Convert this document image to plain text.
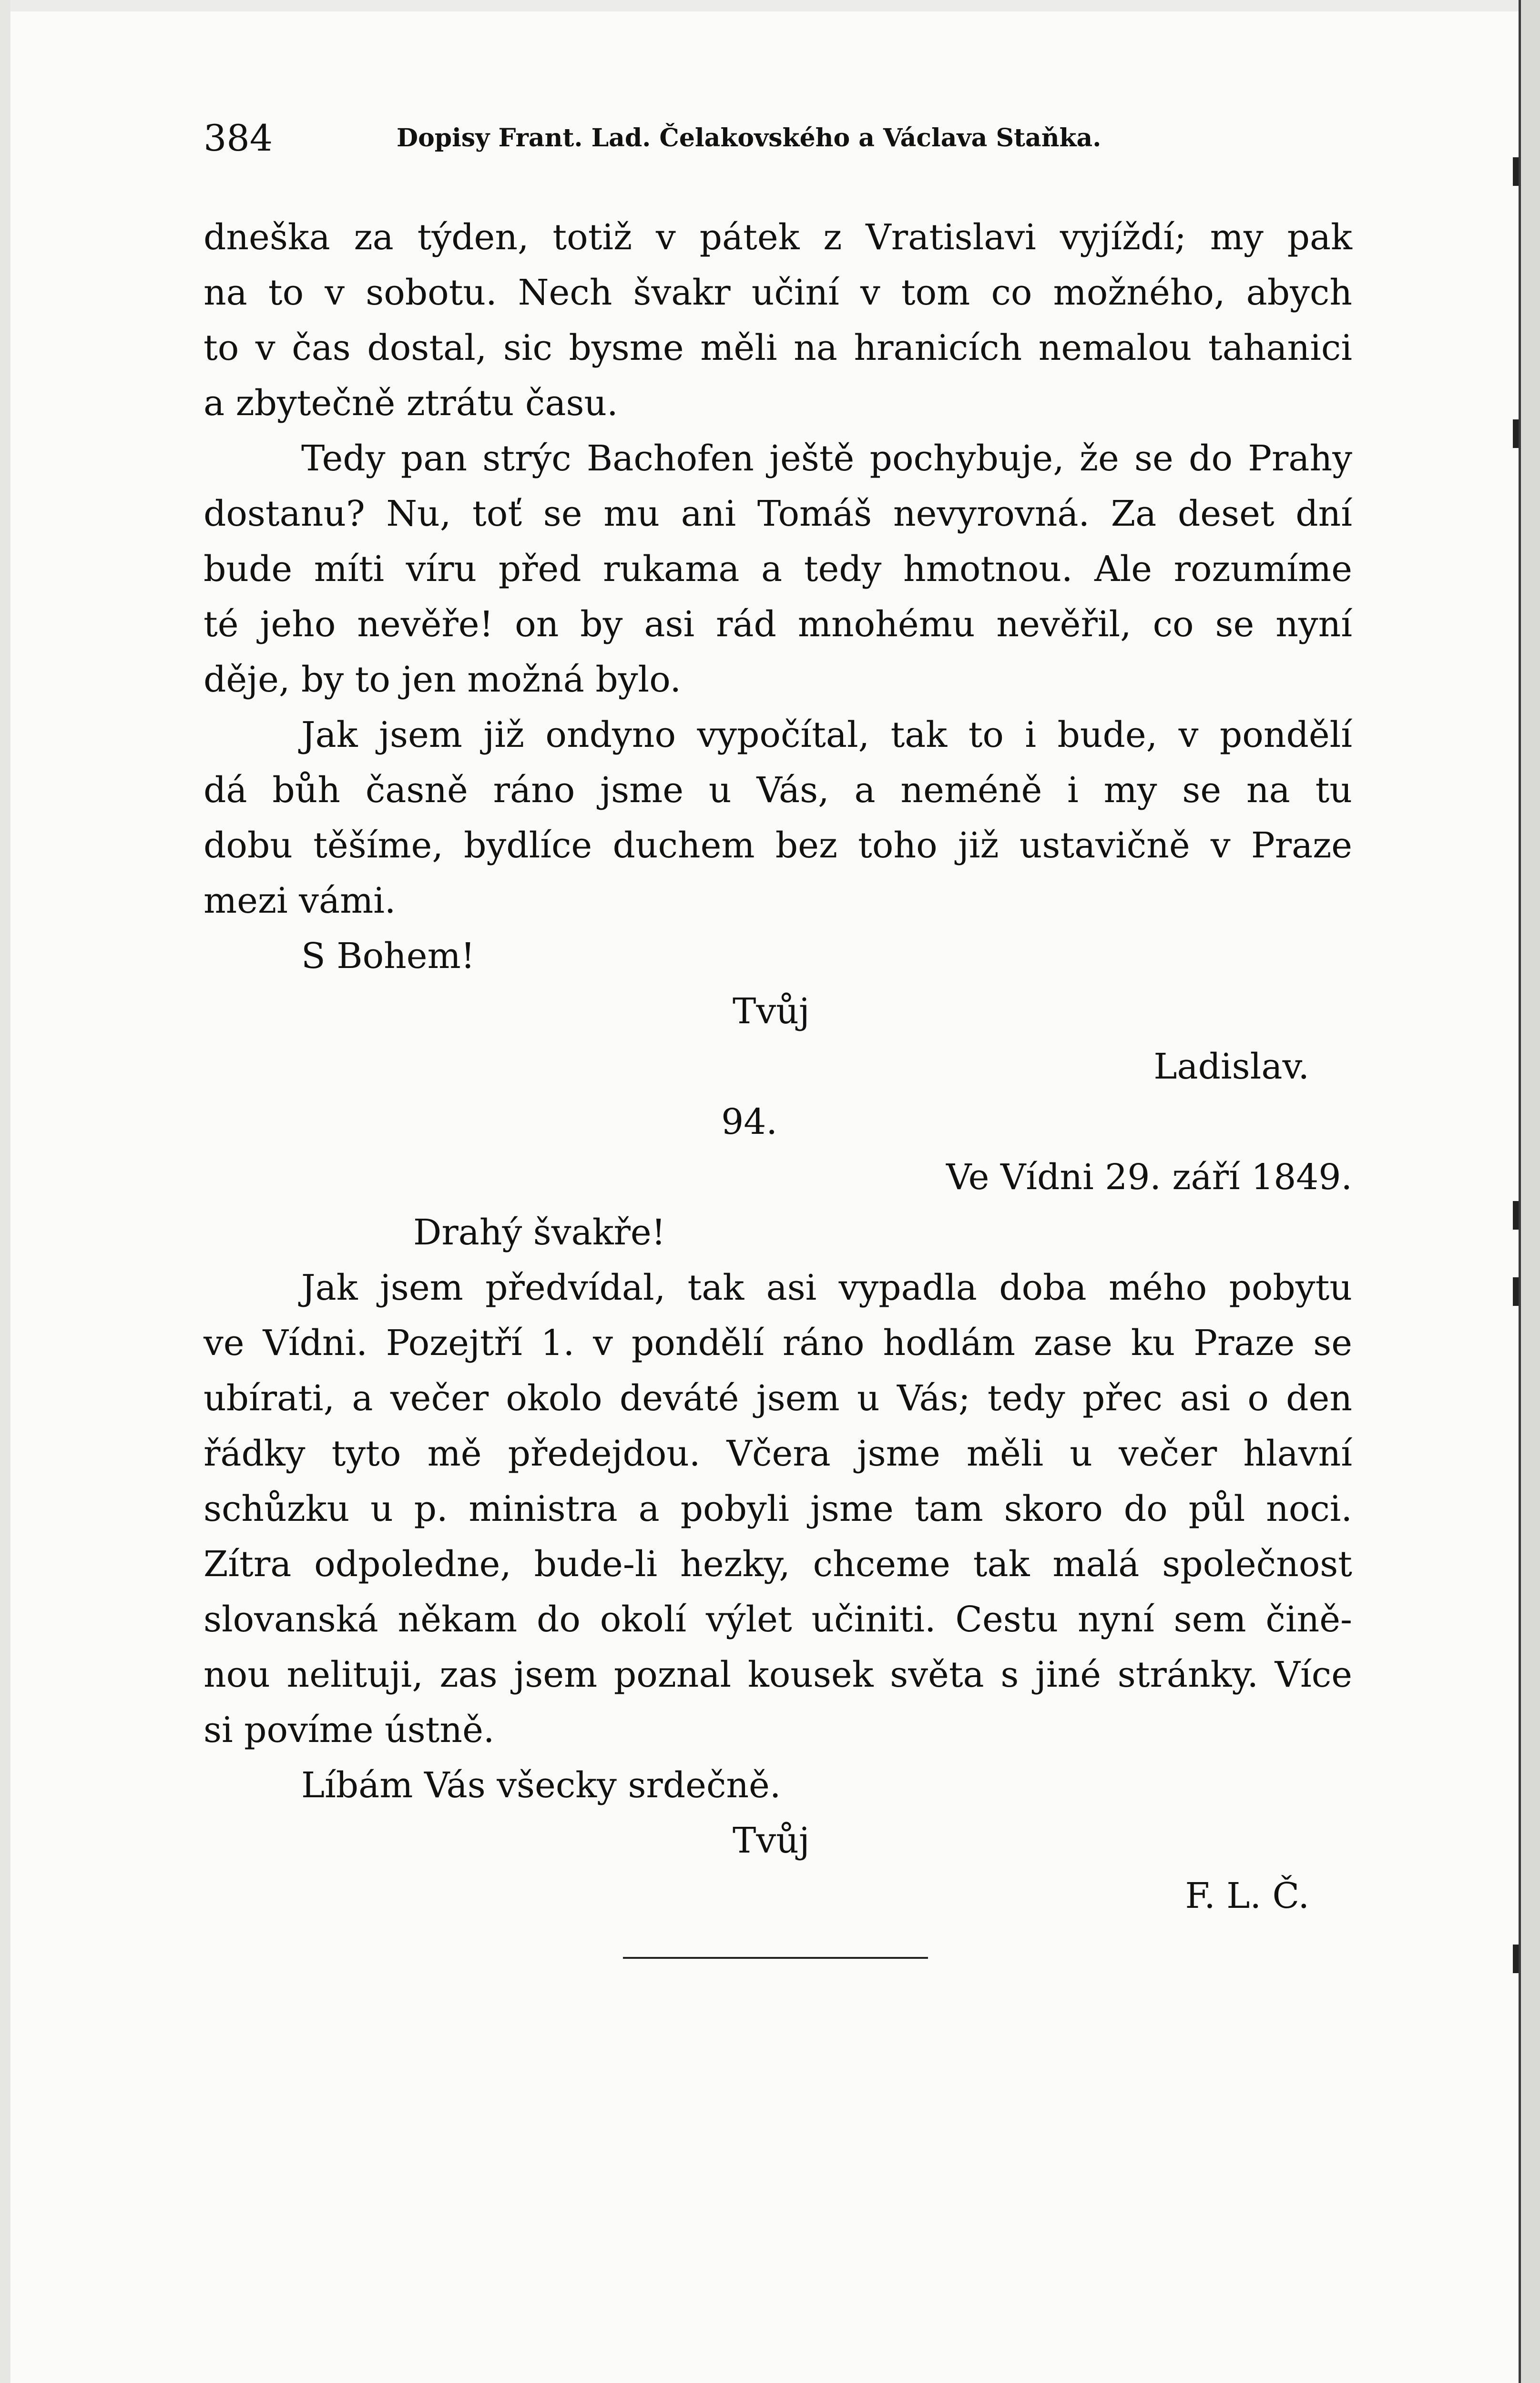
384	Dopisy Frant. Lad. Čelakovského a Václava Staňka.
dneška za týden, totiž v pátek z Vratislavi vyjíždí; my pak
na to v sobotu. Nech švakr učiní v tom co možného, abych
to v čas dostal, sic bysme měli na hranicích nemalou tahanici
a zbytečně ztrátu času.
Tedy pan strýc Bachofen ještě pochybuje, že se do Prahy
dostanu? Nu, toť se mu ani Tomáš nevyrovná. Za deset dní
bude míti víru před rukama a tedy hmotnou. Ale rozumíme
té jeho nevěře! on by asi rád mnohému nevěřil, co se nyní
děje, by to jen možná bylo.
Jak jsem již ondyno vypočítal, tak to i bude, v pondělí
dá bůh časně ráno jsme u Vás, a neméně i my se na tu
dobu těšíme, bydlíce duchem bez toho již ustavičně v Praze
mezi vámi.
S Bohem!
Tvůj
Ladislav.
94.
Ve Vídni 29. září 1849.
Drahý švakře!
Jak jsem předvídal, tak asi vypadla doba mého pobytu
ve Vídni. Pozejtří 1. v pondělí ráno hodlám zase ku Praze se
ubírati, a večer okolo deváté jsem u Vás; tedy přec asi o den
řádky tyto mě předejdou. Včera jsme měli u večer hlavní
schůzku u p. ministra a pobyli jsme tam skoro do půl noci.
Zítra odpoledne, bude-li hezky, chceme tak malá společnost
slovanská někam do okolí výlet učiniti. Cestu nyní sem čině-
nou nelituji, zas jsem poznal kousek světa s jiné stránky. Více
si povíme ústně.
Líbám Vás všecky srdečně.
Tvůj
F. L. Č.
